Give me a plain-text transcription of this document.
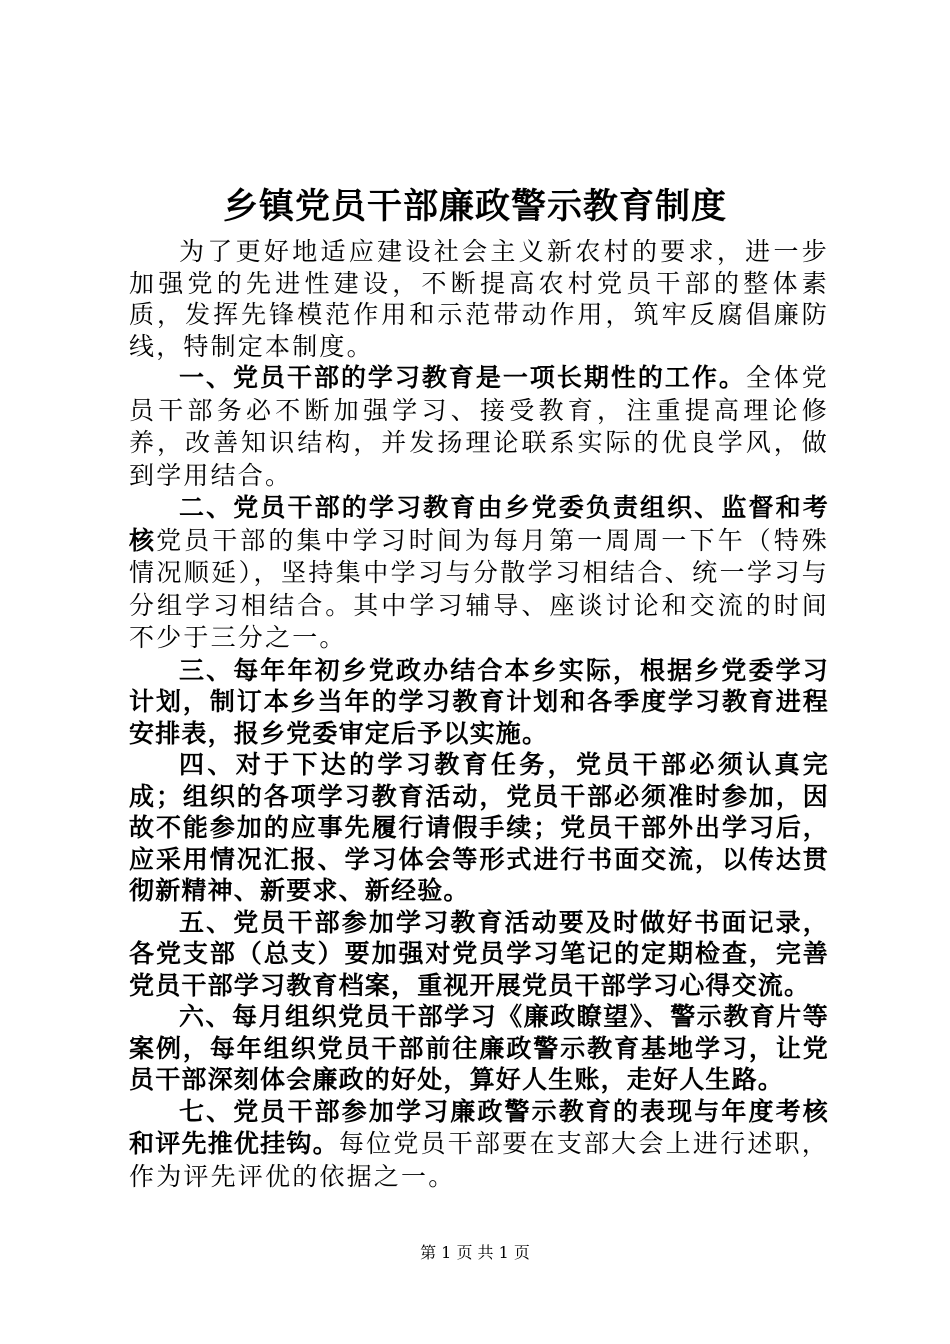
乡镇党员干部廉政警示教育制度

为了更好地适应建设社会主义新农村的要求，进一步加强党的先进性建设，不断提高农村党员干部的整体素质，发挥先锋模范作用和示范带动作用，筑牢反腐倡廉防线，特制定本制度。

一、党员干部的学习教育是一项长期性的工作。全体党员干部务必不断加强学习、接受教育，注重提高理论修养，改善知识结构，并发扬理论联系实际的优良学风，做到学用结合。

二、党员干部的学习教育由乡党委负责组织、监督和考核党员干部的集中学习时间为每月第一周周一下午（特殊情况顺延），坚持集中学习与分散学习相结合、统一学习与分组学习相结合。其中学习辅导、座谈讨论和交流的时间不少于三分之一。

三、每年年初乡党政办结合本乡实际，根据乡党委学习计划，制订本乡当年的学习教育计划和各季度学习教育进程安排表，报乡党委审定后予以实施。

四、对于下达的学习教育任务，党员干部必须认真完成；组织的各项学习教育活动，党员干部必须准时参加，因故不能参加的应事先履行请假手续；党员干部外出学习后，应采用情况汇报、学习体会等形式进行书面交流，以传达贯彻新精神、新要求、新经验。

五、党员干部参加学习教育活动要及时做好书面记录，各党支部（总支）要加强对党员学习笔记的定期检查，完善党员干部学习教育档案，重视开展党员干部学习心得交流。

六、每月组织党员干部学习《廉政瞭望》、警示教育片等案例，每年组织党员干部前往廉政警示教育基地学习，让党员干部深刻体会廉政的好处，算好人生账，走好人生路。

七、党员干部参加学习廉政警示教育的表现与年度考核和评先推优挂钩。每位党员干部要在支部大会上进行述职，作为评先评优的依据之一。

第 1 页 共 1 页
